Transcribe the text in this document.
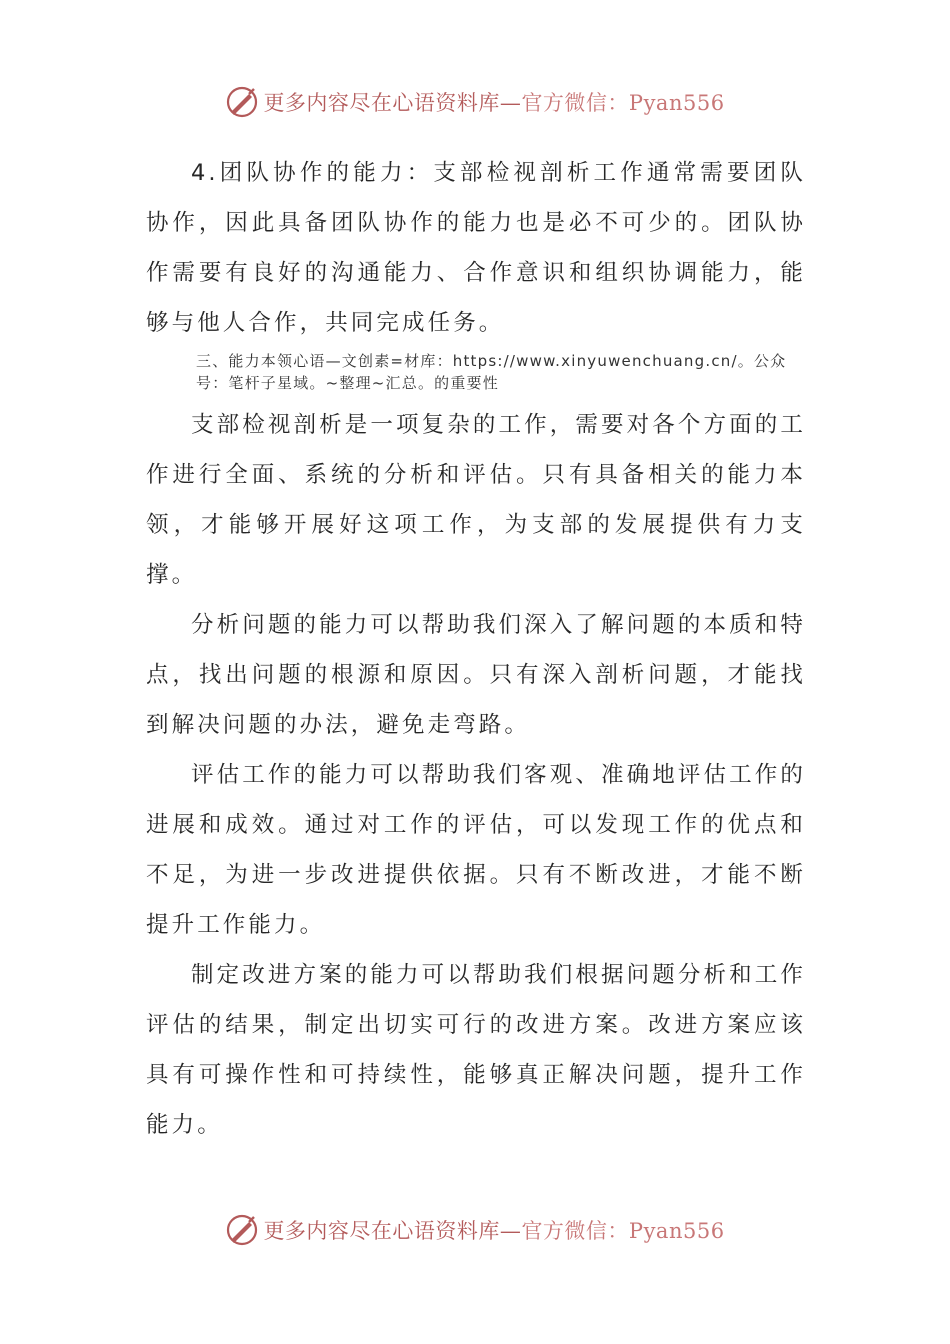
更多内容尽在心语资料库—官方微信：Pyan556

4.团队协作的能力：支部检视剖析工作通常需要团队协作，因此具备团队协作的能力也是必不可少的。团队协作需要有良好的沟通能力、合作意识和组织协调能力，能够与他人合作，共同完成任务。

三、能力本领心语—文创素=材库：https://www.xinyuwenchuang.cn/。公众号：笔杆子星域。~整理~汇总。的重要性

支部检视剖析是一项复杂的工作，需要对各个方面的工作进行全面、系统的分析和评估。只有具备相关的能力本领，才能够开展好这项工作，为支部的发展提供有力支撑。

分析问题的能力可以帮助我们深入了解问题的本质和特点，找出问题的根源和原因。只有深入剖析问题，才能找到解决问题的办法，避免走弯路。

评估工作的能力可以帮助我们客观、准确地评估工作的进展和成效。通过对工作的评估，可以发现工作的优点和不足，为进一步改进提供依据。只有不断改进，才能不断提升工作能力。

制定改进方案的能力可以帮助我们根据问题分析和工作评估的结果，制定出切实可行的改进方案。改进方案应该具有可操作性和可持续性，能够真正解决问题，提升工作能力。

更多内容尽在心语资料库—官方微信：Pyan556
